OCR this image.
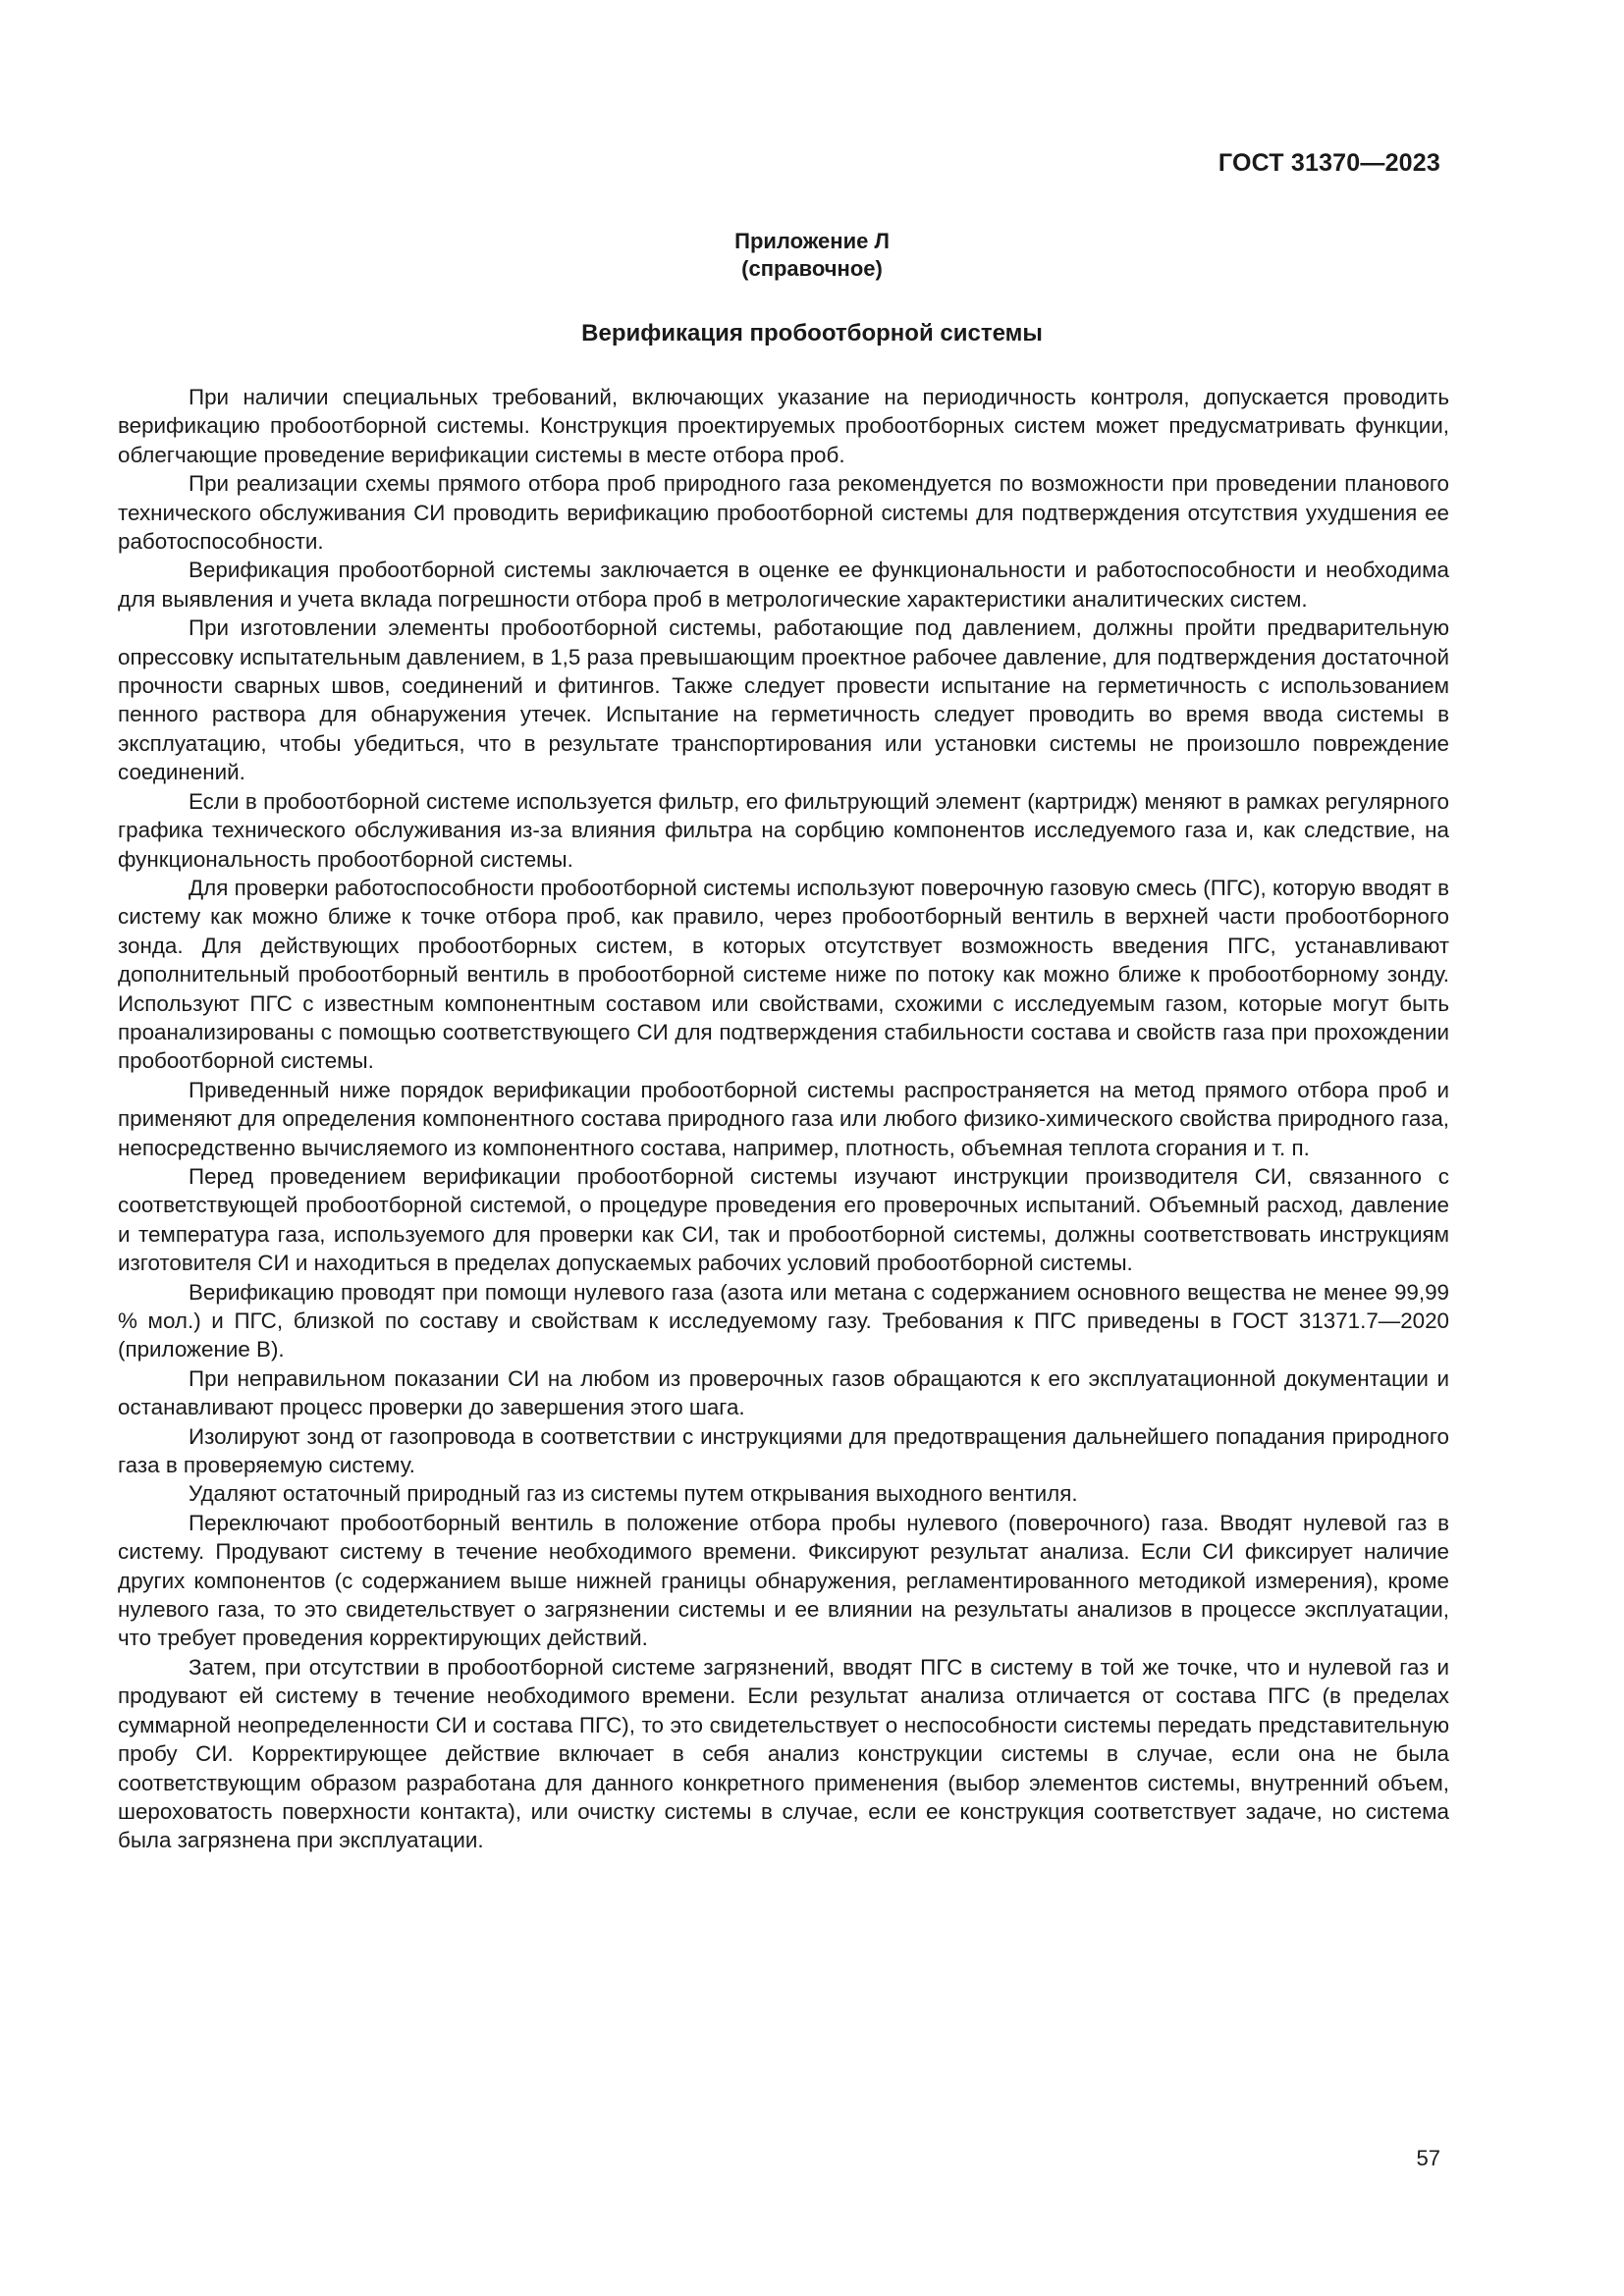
ГОСТ 31370—2023
Приложение Л
(справочное)
Верификация пробоотборной системы

При наличии специальных требований, включающих указание на периодичность контроля, допускается проводить верификацию пробоотборной системы. Конструкция проектируемых пробоотборных систем может предусматривать функции, облегчающие проведение верификации системы в месте отбора проб.

При реализации схемы прямого отбора проб природного газа рекомендуется по возможности при проведении планового технического обслуживания СИ проводить верификацию пробоотборной системы для подтверждения отсутствия ухудшения ее работоспособности.

Верификация пробоотборной системы заключается в оценке ее функциональности и работоспособности и необходима для выявления и учета вклада погрешности отбора проб в метрологические характеристики аналитических систем.

При изготовлении элементы пробоотборной системы, работающие под давлением, должны пройти предварительную опрессовку испытательным давлением, в 1,5 раза превышающим проектное рабочее давление, для подтверждения достаточной прочности сварных швов, соединений и фитингов. Также следует провести испытание на герметичность с использованием пенного раствора для обнаружения утечек. Испытание на герметичность следует проводить во время ввода системы в эксплуатацию, чтобы убедиться, что в результате транспортирования или установки системы не произошло повреждение соединений.

Если в пробоотборной системе используется фильтр, его фильтрующий элемент (картридж) меняют в рамках регулярного графика технического обслуживания из-за влияния фильтра на сорбцию компонентов исследуемого газа и, как следствие, на функциональность пробоотборной системы.

Для проверки работоспособности пробоотборной системы используют поверочную газовую смесь (ПГС), которую вводят в систему как можно ближе к точке отбора проб, как правило, через пробоотборный вентиль в верхней части пробоотборного зонда. Для действующих пробоотборных систем, в которых отсутствует возможность введения ПГС, устанавливают дополнительный пробоотборный вентиль в пробоотборной системе ниже по потоку как можно ближе к пробоотборному зонду. Используют ПГС с известным компонентным составом или свойствами, схожими с исследуемым газом, которые могут быть проанализированы с помощью соответствующего СИ для подтверждения стабильности состава и свойств газа при прохождении пробоотборной системы.

Приведенный ниже порядок верификации пробоотборной системы распространяется на метод прямого отбора проб и применяют для определения компонентного состава природного газа или любого физико-химического свойства природного газа, непосредственно вычисляемого из компонентного состава, например, плотность, объемная теплота сгорания и т. п.

Перед проведением верификации пробоотборной системы изучают инструкции производителя СИ, связанного с соответствующей пробоотборной системой, о процедуре проведения его проверочных испытаний. Объемный расход, давление и температура газа, используемого для проверки как СИ, так и пробоотборной системы, должны соответствовать инструкциям изготовителя СИ и находиться в пределах допускаемых рабочих условий пробоотборной системы.

Верификацию проводят при помощи нулевого газа (азота или метана с содержанием основного вещества не менее 99,99 % мол.) и ПГС, близкой по составу и свойствам к исследуемому газу. Требования к ПГС приведены в ГОСТ 31371.7—2020 (приложение В).

При неправильном показании СИ на любом из проверочных газов обращаются к его эксплуатационной документации и останавливают процесс проверки до завершения этого шага.

Изолируют зонд от газопровода в соответствии с инструкциями для предотвращения дальнейшего попадания природного газа в проверяемую систему.

Удаляют остаточный природный газ из системы путем открывания выходного вентиля.

Переключают пробоотборный вентиль в положение отбора пробы нулевого (поверочного) газа. Вводят нулевой газ в систему. Продувают систему в течение необходимого времени. Фиксируют результат анализа. Если СИ фиксирует наличие других компонентов (с содержанием выше нижней границы обнаружения, регламентированного методикой измерения), кроме нулевого газа, то это свидетельствует о загрязнении системы и ее влиянии на результаты анализов в процессе эксплуатации, что требует проведения корректирующих действий.

Затем, при отсутствии в пробоотборной системе загрязнений, вводят ПГС в систему в той же точке, что и нулевой газ и продувают ей систему в течение необходимого времени. Если результат анализа отличается от состава ПГС (в пределах суммарной неопределенности СИ и состава ПГС), то это свидетельствует о неспособности системы передать представительную пробу СИ. Корректирующее действие включает в себя анализ конструкции системы в случае, если она не была соответствующим образом разработана для данного конкретного применения (выбор элементов системы, внутренний объем, шероховатость поверхности контакта), или очистку системы в случае, если ее конструкция соответствует задаче, но система была загрязнена при эксплуатации.

57
